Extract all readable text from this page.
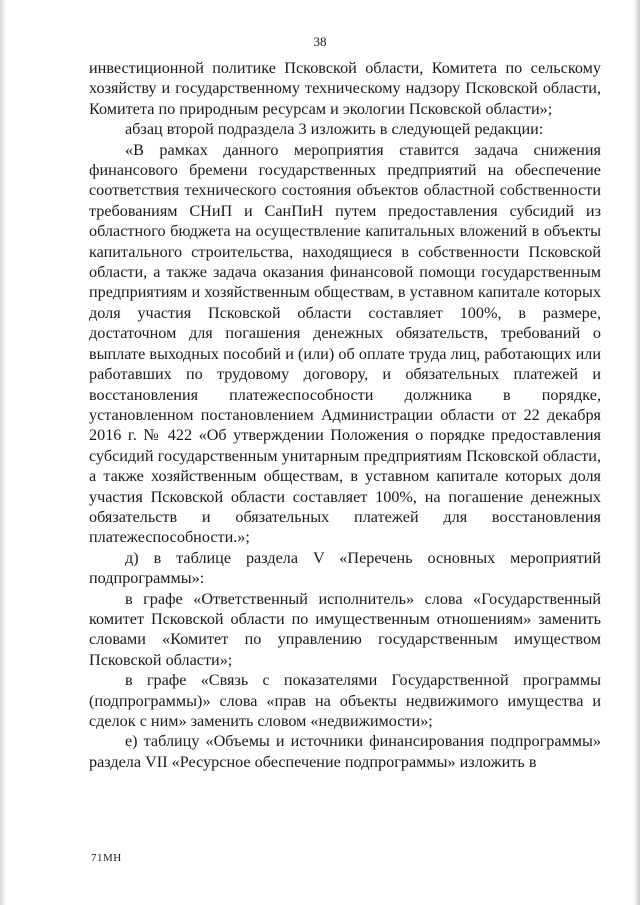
38

инвестиционной политике Псковской области, Комитета по сельскому хозяйству и государственному техническому надзору Псковской области, Комитета по природным ресурсам и экологии Псковской области»;

абзац второй подраздела 3 изложить в следующей редакции:

«В рамках данного мероприятия ставится задача снижения финансового бремени государственных предприятий на обеспечение соответствия технического состояния объектов областной собственности требованиям СНиП и СанПиН путем предоставления субсидий из областного бюджета на осуществление капитальных вложений в объекты капитального строительства, находящиеся в собственности Псковской области, а также задача оказания финансовой помощи государственным предприятиям и хозяйственным обществам, в уставном капитале которых доля участия Псковской области составляет 100%, в размере, достаточном для погашения денежных обязательств, требований о выплате выходных пособий и (или) об оплате труда лиц, работающих или работавших по трудовому договору, и обязательных платежей и восстановления платежеспособности должника в порядке, установленном постановлением Администрации области от 22 декабря 2016 г. № 422 «Об утверждении Положения о порядке предоставления субсидий государственным унитарным предприятиям Псковской области, а также хозяйственным обществам, в уставном капитале которых доля участия Псковской области составляет 100%, на погашение денежных обязательств и обязательных платежей для восстановления платежеспособности.»;

д) в таблице раздела V «Перечень основных мероприятий подпрограммы»:

в графе «Ответственный исполнитель» слова «Государственный комитет Псковской области по имущественным отношениям» заменить словами «Комитет по управлению государственным имуществом Псковской области»;

в графе «Связь с показателями Государственной программы (подпрограммы)» слова «прав на объекты недвижимого имущества и сделок с ним» заменить словом «недвижимости»;

е) таблицу «Объемы и источники финансирования подпрограммы» раздела VII «Ресурсное обеспечение подпрограммы» изложить в

71МН
